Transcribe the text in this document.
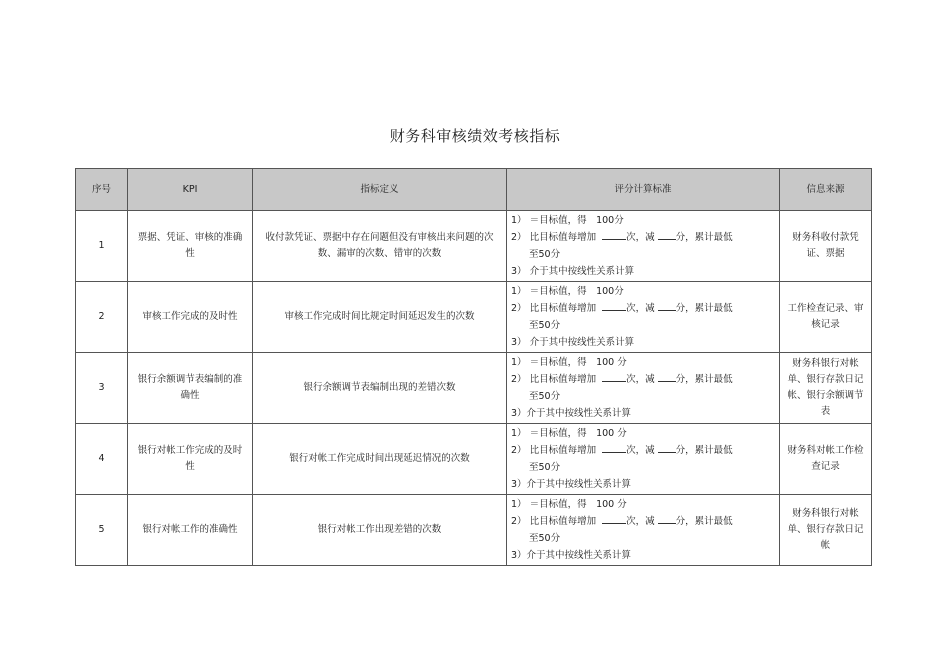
财务科审核绩效考核指标
序号	KPI	指标定义	评分计算标准	信息来源
1	票据、凭证、审核的准确性	收付款凭证、票据中存在问题但没有审核出来问题的次数、漏审的次数、错审的次数	1） ＝目标值，得　100分
2） 比目标值每增加 次，减 分，累计最低
至50分
3） 介于其中按线性关系计算	财务科收付款凭证、票据
2	审核工作完成的及时性	审核工作完成时间比规定时间延迟发生的次数	1） ＝目标值，得　100分
2） 比目标值每增加 次，减 分，累计最低
至50分
3） 介于其中按线性关系计算	工作检查记录、审核记录
3	银行余额调节表编制的准确性	银行余额调节表编制出现的差错次数	1） ＝目标值，得　100 分
2） 比目标值每增加 次，减 分，累计最低
至50分
3）介于其中按线性关系计算	财务科银行对帐单、银行存款日记帐、银行余额调节表
4	银行对帐工作完成的及时性	银行对帐工作完成时间出现延迟情况的次数	1） ＝目标值，得　100 分
2） 比目标值每增加 次，减 分，累计最低
至50分
3）介于其中按线性关系计算	财务科对帐工作检查记录
5	银行对帐工作的准确性	银行对帐工作出现差错的次数	1） ＝目标值，得　100 分
2） 比目标值每增加 次，减 分，累计最低
至50分
3）介于其中按线性关系计算	财务科银行对帐单、银行存款日记帐
